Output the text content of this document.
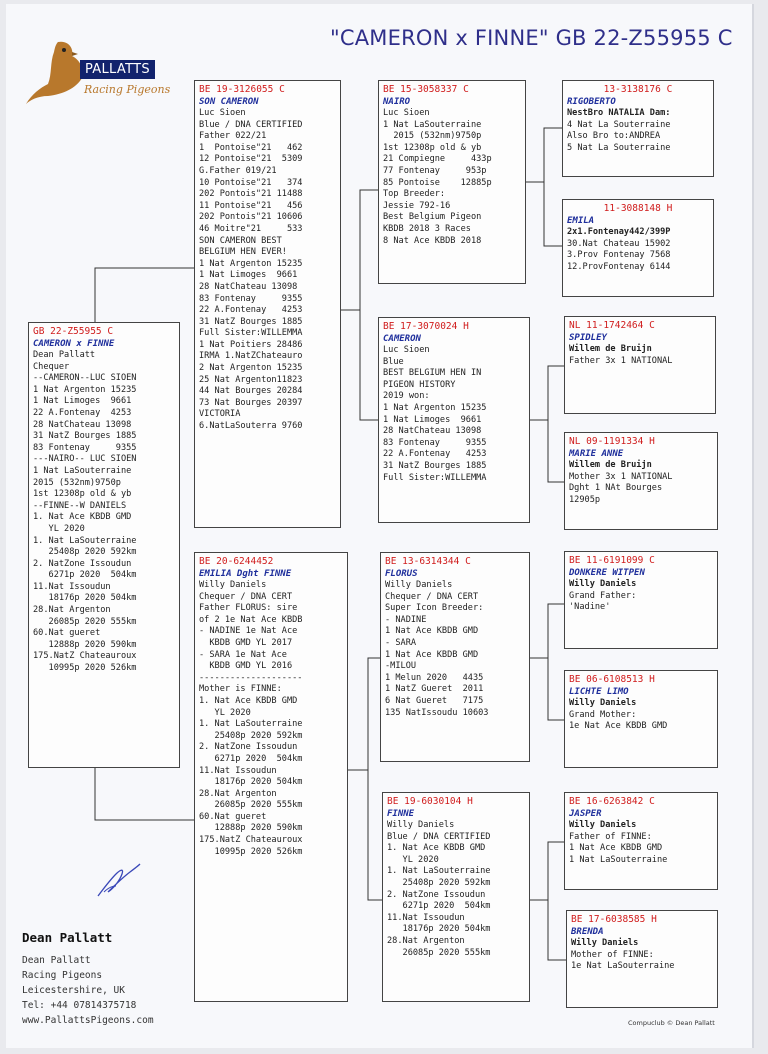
"CAMERON x FINNE" GB 22-Z55955 C
PALLATTS
Racing Pigeons
GB 22-Z55955 C
CAMERON x FINNE
Dean Pallatt
Chequer
--CAMERON--LUC SIOEN
1 Nat Argenton 15235
1 Nat Limoges  9661
22 A.Fontenay  4253
28 NatChateau 13098
31 NatZ Bourges 1885
83 Fontenay     9355
---NAIRO-- LUC SIOEN
1 Nat LaSouterraine
2015 (532nm)9750p
1st 12308p old & yb
--FINNE--W DANIELS
1. Nat Ace KBDB GMD
YL 2020
1. Nat LaSouterraine
25408p 2020 592km
2. NatZone Issoudun
6271p 2020  504km
11.Nat Issoudun
18176p 2020 504km
28.Nat Argenton
26085p 2020 555km
60.Nat gueret
12888p 2020 590km
175.NatZ Chateauroux
10995p 2020 526km
BE 19-3126055 C
SON CAMERON
Luc Sioen
Blue / DNA CERTIFIED
Father 022/21
1  Pontoise"21   462
12 Pontoise"21  5309
G.Father 019/21
10 Pontoise"21   374
202 Pontois"21 11488
11 Pontoise"21   456
202 Pontois"21 10606
46 Moitre"21     533
SON CAMERON BEST
BELGIUM HEN EVER!
1 Nat Argenton 15235
1 Nat Limoges  9661
28 NatChateau 13098
83 Fontenay     9355
22 A.Fontenay   4253
31 NatZ Bourges 1885
Full Sister:WILLEMMA
1 Nat Poitiers 28486
IRMA 1.NatZChateauro
2 Nat Argenton 15235
25 Nat Argenton11823
44 Nat Bourges 20284
73 Nat Bourges 20397
VICTORIA
6.NatLaSouterra 9760
BE 20-6244452
EMILIA Dght FINNE
Willy Daniels
Chequer / DNA CERT
Father FLORUS: sire
of 2 1e Nat Ace KBDB
- NADINE 1e Nat Ace
KBDB GMD YL 2017
- SARA 1e Nat Ace
KBDB GMD YL 2016
--------------------
Mother is FINNE:
1. Nat Ace KBDB GMD
YL 2020
1. Nat LaSouterraine
25408p 2020 592km
2. NatZone Issoudun
6271p 2020  504km
11.Nat Issoudun
18176p 2020 504km
28.Nat Argenton
26085p 2020 555km
60.Nat gueret
12888p 2020 590km
175.NatZ Chateauroux
10995p 2020 526km
BE 15-3058337 C
NAIRO
Luc Sioen
1 Nat LaSouterraine
2015 (532nm)9750p
1st 12308p old & yb
21 Compiegne     433p
77 Fontenay     953p
85 Pontoise    12885p
Top Breeder:
Jessie 792-16
Best Belgium Pigeon
KBDB 2018 3 Races
8 Nat Ace KBDB 2018
BE 17-3070024 H
CAMERON
Luc Sioen
Blue
BEST BELGIUM HEN IN
PIGEON HISTORY
2019 won:
1 Nat Argenton 15235
1 Nat Limoges  9661
28 NatChateau 13098
83 Fontenay     9355
22 A.Fontenay   4253
31 NatZ Bourges 1885
Full Sister:WILLEMMA
BE 13-6314344 C
FLORUS
Willy Daniels
Chequer / DNA CERT
Super Icon Breeder:
- NADINE
1 Nat Ace KBDB GMD
- SARA
1 Nat Ace KBDB GMD
-MILOU
1 Melun 2020   4435
1 NatZ Gueret  2011
6 Nat Gueret   7175
135 NatIssoudu 10603
BE 19-6030104 H
FINNE
Willy Daniels
Blue / DNA CERTIFIED
1. Nat Ace KBDB GMD
YL 2020
1. Nat LaSouterraine
25408p 2020 592km
2. NatZone Issoudun
6271p 2020  504km
11.Nat Issoudun
18176p 2020 504km
28.Nat Argenton
26085p 2020 555km
13-3138176 C
RIGOBERTO
NestBro NATALIA Dam:
4 Nat La Souterraine
Also Bro to:ANDREA
5 Nat La Souterraine
11-3088148 H
EMILA
2x1.Fontenay442/399P
30.Nat Chateau 15902
3.Prov Fontenay 7568
12.ProvFontenay 6144
NL 11-1742464 C
SPIDLEY
Willem de Bruijn
Father 3x 1 NATIONAL
NL 09-1191334 H
MARIE ANNE
Willem de Bruijn
Mother 3x 1 NATIONAL
Dght 1 NAt Bourges
12905p
BE 11-6191099 C
DONKERE WITPEN
Willy Daniels
Grand Father:
'Nadine'
BE 06-6108513 H
LICHTE LIMO
Willy Daniels
Grand Mother:
1e Nat Ace KBDB GMD
BE 16-6263842 C
JASPER
Willy Daniels
Father of FINNE:
1 Nat Ace KBDB GMD
1 Nat LaSouterraine
BE 17-6038585 H
BRENDA
Willy Daniels
Mother of FINNE:
1e Nat LaSouterraine
Dean Pallatt
Dean Pallatt
Racing Pigeons
Leicestershire, UK
Tel: +44 07814375718
www.PallattsPigeons.com	Compuclub © Dean Pallatt
